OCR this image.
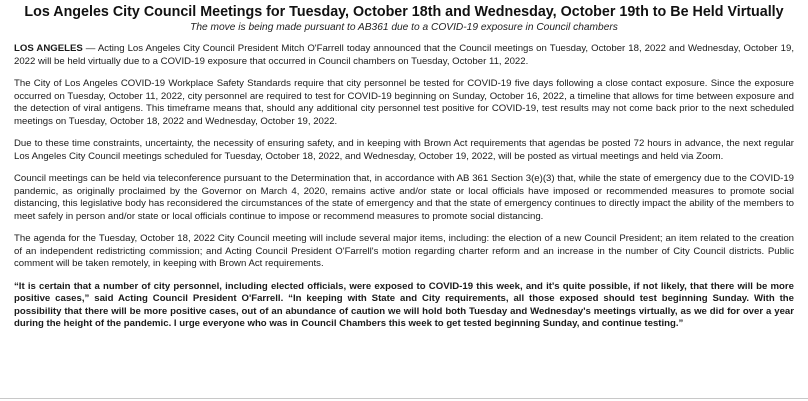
Los Angeles City Council Meetings for Tuesday, October 18th and Wednesday, October 19th to Be Held Virtually

The move is being made pursuant to AB361 due to a COVID-19 exposure in Council chambers

LOS ANGELES — Acting Los Angeles City Council President Mitch O'Farrell today announced that the Council meetings on Tuesday, October 18, 2022 and Wednesday, October 19, 2022 will be held virtually due to a COVID-19 exposure that occurred in Council chambers on Tuesday, October 11, 2022.

The City of Los Angeles COVID-19 Workplace Safety Standards require that city personnel be tested for COVID-19 five days following a close contact exposure. Since the exposure occurred on Tuesday, October 11, 2022, city personnel are required to test for COVID-19 beginning on Sunday, October 16, 2022, a timeline that allows for time between exposure and the detection of viral antigens. This timeframe means that, should any additional city personnel test positive for COVID-19, test results may not come back prior to the next scheduled meetings on Tuesday, October 18, 2022 and Wednesday, October 19, 2022.

Due to these time constraints, uncertainty, the necessity of ensuring safety, and in keeping with Brown Act requirements that agendas be posted 72 hours in advance, the next regular Los Angeles City Council meetings scheduled for Tuesday, October 18, 2022, and Wednesday, October 19, 2022, will be posted as virtual meetings and held via Zoom.

Council meetings can be held via teleconference pursuant to the Determination that, in accordance with AB 361 Section 3(e)(3) that, while the state of emergency due to the COVID-19 pandemic, as originally proclaimed by the Governor on March 4, 2020, remains active and/or state or local officials have imposed or recommended measures to promote social distancing, this legislative body has reconsidered the circumstances of the state of emergency and that the state of emergency continues to directly impact the ability of the members to meet safely in person and/or state or local officials continue to impose or recommend measures to promote social distancing.

The agenda for the Tuesday, October 18, 2022 City Council meeting will include several major items, including: the election of a new Council President; an item related to the creation of an independent redistricting commission; and Acting Council President O'Farrell's motion regarding charter reform and an increase in the number of City Council districts. Public comment will be taken remotely, in keeping with Brown Act requirements.

“It is certain that a number of city personnel, including elected officials, were exposed to COVID-19 this week, and it's quite possible, if not likely, that there will be more positive cases,” said Acting Council President O'Farrell. “In keeping with State and City requirements, all those exposed should test beginning Sunday. With the possibility that there will be more positive cases, out of an abundance of caution we will hold both Tuesday and Wednesday's meetings virtually, as we did for over a year during the height of the pandemic. I urge everyone who was in Council Chambers this week to get tested beginning Sunday, and continue testing.”
